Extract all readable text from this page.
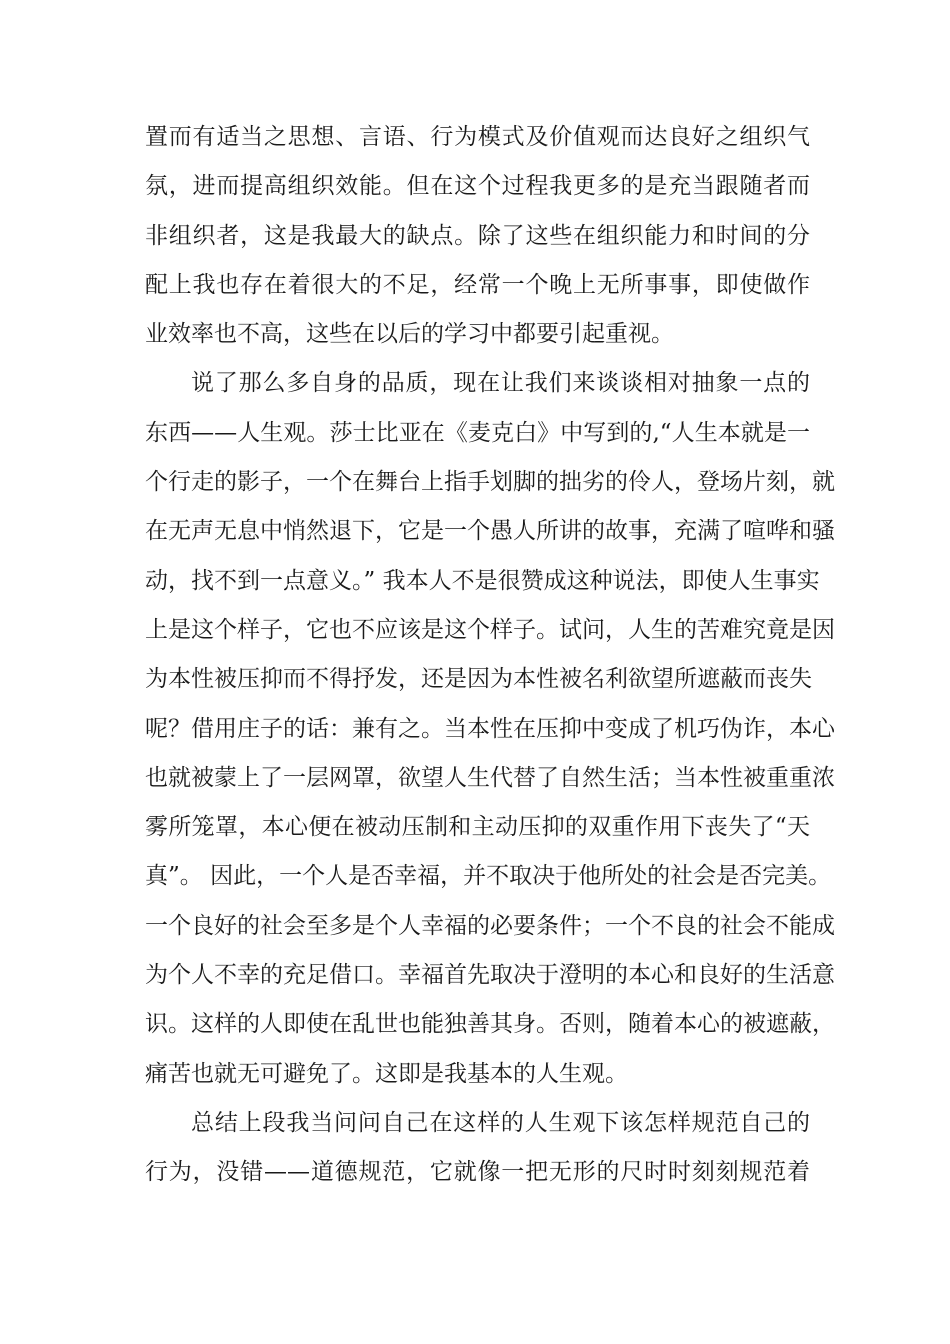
置而有适当之思想、言语、行为模式及价值观而达良好之组织气
氛，进而提高组织效能。但在这个过程我更多的是充当跟随者而
非组织者，这是我最大的缺点。除了这些在组织能力和时间的分
配上我也存在着很大的不足，经常一个晚上无所事事，即使做作
业效率也不高，这些在以后的学习中都要引起重视。
说了那么多自身的品质，现在让我们来谈谈相对抽象一点的
东西——人生观。莎士比亚在《麦克白》中写到的,“人生本就是一
个行走的影子，一个在舞台上指手划脚的拙劣的伶人，登场片刻，就
在无声无息中悄然退下，它是一个愚人所讲的故事，充满了喧哗和骚
动，找不到一点意义。” 我本人不是很赞成这种说法，即使人生事实
上是这个样子，它也不应该是这个样子。试问，人生的苦难究竟是因
为本性被压抑而不得抒发，还是因为本性被名利欲望所遮蔽而丧失
呢？借用庄子的话：兼有之。当本性在压抑中变成了机巧伪诈，本心
也就被蒙上了一层网罩，欲望人生代替了自然生活；当本性被重重浓
雾所笼罩，本心便在被动压制和主动压抑的双重作用下丧失了“天
真”。 因此，一个人是否幸福，并不取决于他所处的社会是否完美。
一个良好的社会至多是个人幸福的必要条件；一个不良的社会不能成
为个人不幸的充足借口。幸福首先取决于澄明的本心和良好的生活意
识。这样的人即使在乱世也能独善其身。否则，随着本心的被遮蔽，
痛苦也就无可避免了。这即是我基本的人生观。
总结上段我当问问自己在这样的人生观下该怎样规范自己的
行为，没错——道德规范，它就像一把无形的尺时时刻刻规范着
